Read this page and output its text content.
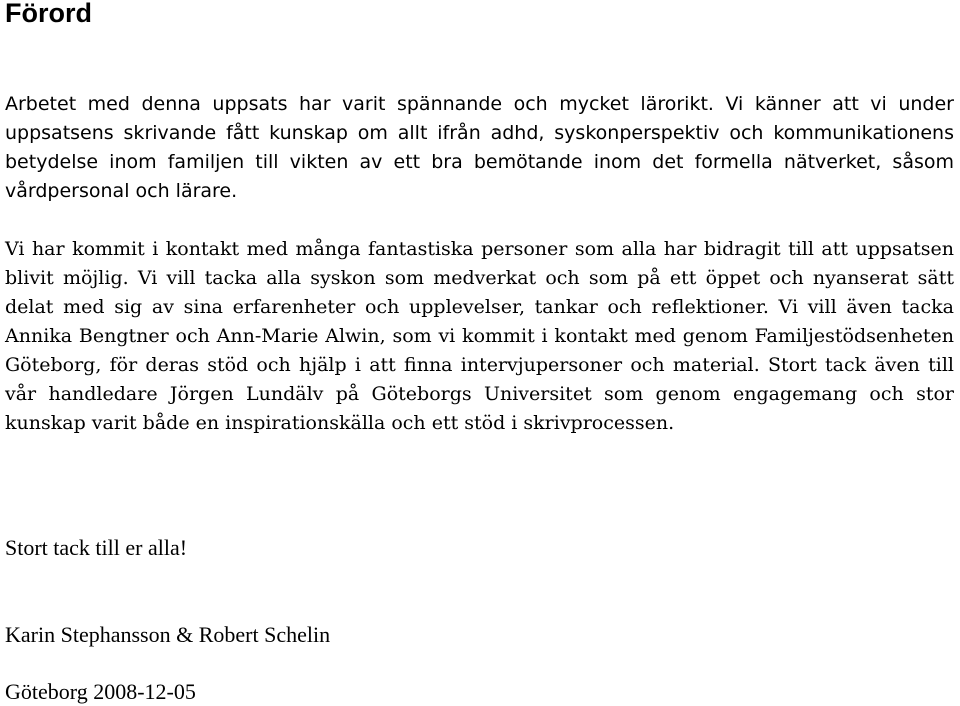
Förord

Arbetet med denna uppsats har varit spännande och mycket lärorikt. Vi känner att vi under uppsatsens skrivande fått kunskap om allt ifrån adhd, syskonperspektiv och kommunikationens betydelse inom familjen till vikten av ett bra bemötande inom det formella nätverket, såsom vårdpersonal och lärare.

Vi har kommit i kontakt med många fantastiska personer som alla har bidragit till att uppsatsen blivit möjlig. Vi vill tacka alla syskon som medverkat och som på ett öppet och nyanserat sätt delat med sig av sina erfarenheter och upplevelser, tankar och reflektioner. Vi vill även tacka Annika Bengtner och Ann-Marie Alwin, som vi kommit i kontakt med genom Familjestödsenheten Göteborg, för deras stöd och hjälp i att finna intervjupersoner och material. Stort tack även till vår handledare Jörgen Lundälv på Göteborgs Universitet som genom engagemang och stor kunskap varit både en inspirationskälla och ett stöd i skrivprocessen.

Stort tack till er alla!

Karin Stephansson & Robert Schelin

Göteborg 2008-12-05
